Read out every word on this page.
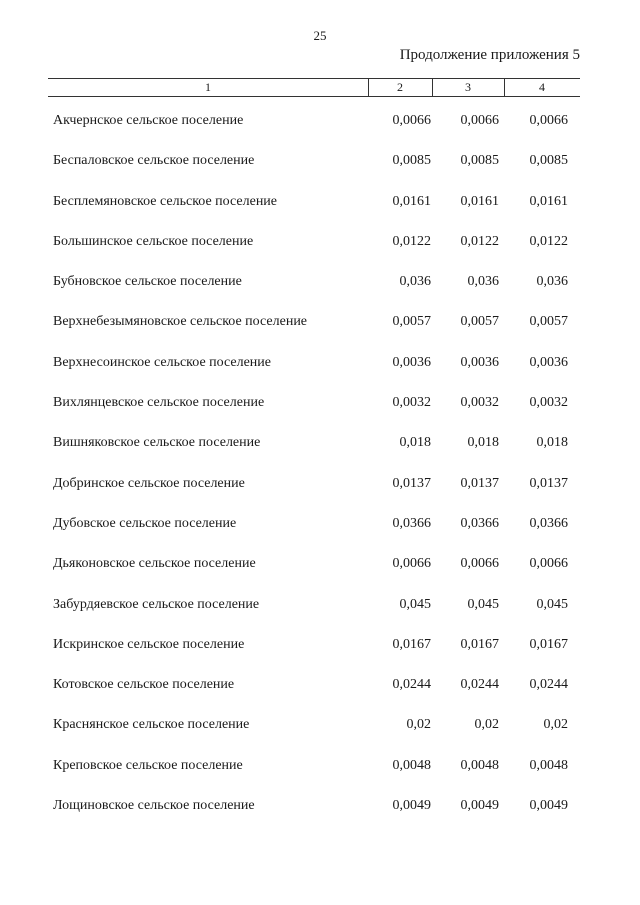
25
Продолжение приложения 5
1	2	3	4
Акчернское сельское поселение	0,0066 0,0066 0,0066
Беспаловское сельское поселение	0,0085 0,0085 0,0085
Бесплемяновское сельское поселение	0,0161 0,0161 0,0161
Большинское сельское поселение	0,0122 0,0122 0,0122
Бубновское сельское поселение	0,036	0,036	0,036
Верхнебезымяновское сельское поселение	0,0057 0,0057 0,0057
Верхнесоинское сельское поселение	0,0036 0,0036 0,0036
Вихлянцевское сельское поселение	0,0032 0,0032 0,0032
Вишняковское сельское поселение	0,018	0,018	0,018
Добринское сельское поселение	0,0137 0,0137 0,0137
Дубовское сельское поселение	0,0366 0,0366 0,0366
Дьяконовское сельское поселение	0,0066 0,0066 0,0066
Забурдяевское сельское поселение	0,045	0,045	0,045
Искринское сельское поселение	0,0167 0,0167 0,0167
Котовское сельское поселение	0,0244 0,0244 0,0244
Краснянское сельское поселение	0,02	0,02	0,02
Креповское сельское поселение	0,0048 0,0048 0,0048
Лощиновское сельское поселение	0,0049 0,0049 0,0049
